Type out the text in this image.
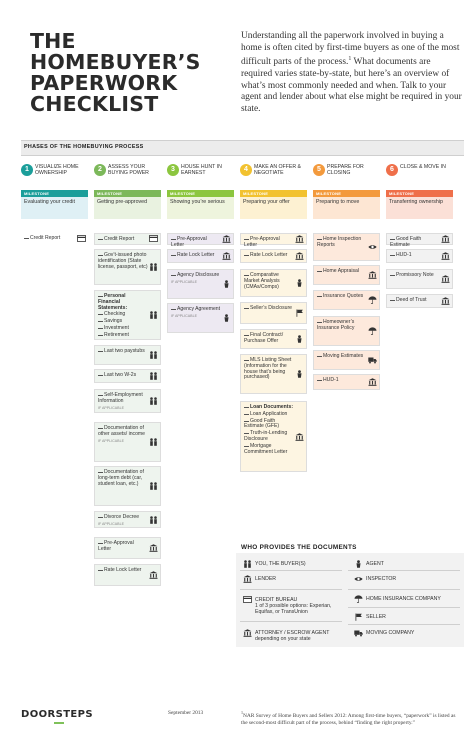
THE
HOMEBUYER’S
PAPERWORK
CHECKLIST
Understanding all the paperwork involved in buying a home is often cited by first-time buyers as one of the most difficult parts of the process.$^1$ What documents are required varies state-by-state, but here’s an overview of what’s most commonly needed and when. Talk to your agent and lender about what else might be required in your state.
PHASES OF THE HOMEBUYING PROCESS
1	VISUALIZE HOME OWNERSHIP
MILESTONE
Evaluating your credit
2	ASSESS YOUR BUYING POWER
MILESTONE
Getting pre-approved
3	HOUSE HUNT IN EARNEST
MILESTONE
Showing you’re serious
4	MAKE AN OFFER & NEGOTIATE
MILESTONE
Preparing your offer
5	PREPARE FOR CLOSING
MILESTONE
Preparing to move
6	CLOSE & MOVE IN
MILESTONE
Transferring ownership
WHO PROVIDES THE DOCUMENTS
YOU, THE BUYER(S)
LENDER
CREDIT BUREAU
1 of 3 possible options: Experian, Equifax, or TransUnion
ATTORNEY / ESCROW AGENT
depending on your state
AGENT
INSPECTOR
HOME INSURANCE COMPANY
SELLER
MOVING COMPANY
DOORSTEPS	September 2013	$^1$NAR Survey of Home Buyers and Sellers 2012: Among first-time buyers, “paperwork” is listed as the second-most difficult part of the process, behind “finding the right property.”
Credit Report	Credit Report
Gov’t-issued photo identification (State license, passport, etc)
Personal Financial Statements:
Checking
Savings
Investment
Retirement
Last two paystubs
Last two W-2s
Self-Employment Information
IF APPLICABLE
Documentation of other assets/ income
IF APPLICABLE
Documentation of long-term debt (car, student loan, etc.)
Divorce Decree
IF APPLICABLE
Pre-Approval Letter
Rate Lock Letter
Pre-Approval Letter
Rate Lock Letter
Agency Disclosure
IF APPLICABLE
Agency Agreement
IF APPLICABLE
Pre-Approval Letter
Rate Lock Letter
Comparative Market Analysis (CMAs/Comps)
Seller’s Disclosure
Final Contract/ Purchase Offer
MLS Listing Sheet (information for the house that’s being purchased)
Loan Documents:
Loan Application
Good Faith Estimate (GFE)
Truth-in-Lending Disclosure
Mortgage Commitment Letter
Home Inspection Reports
Home Appraisal
Insurance Quotes
Homeowner’s Insurance Policy
Moving Estimates
HUD-1
Good Faith Estimate
HUD-1
Promissory Note
Deed of Trust
